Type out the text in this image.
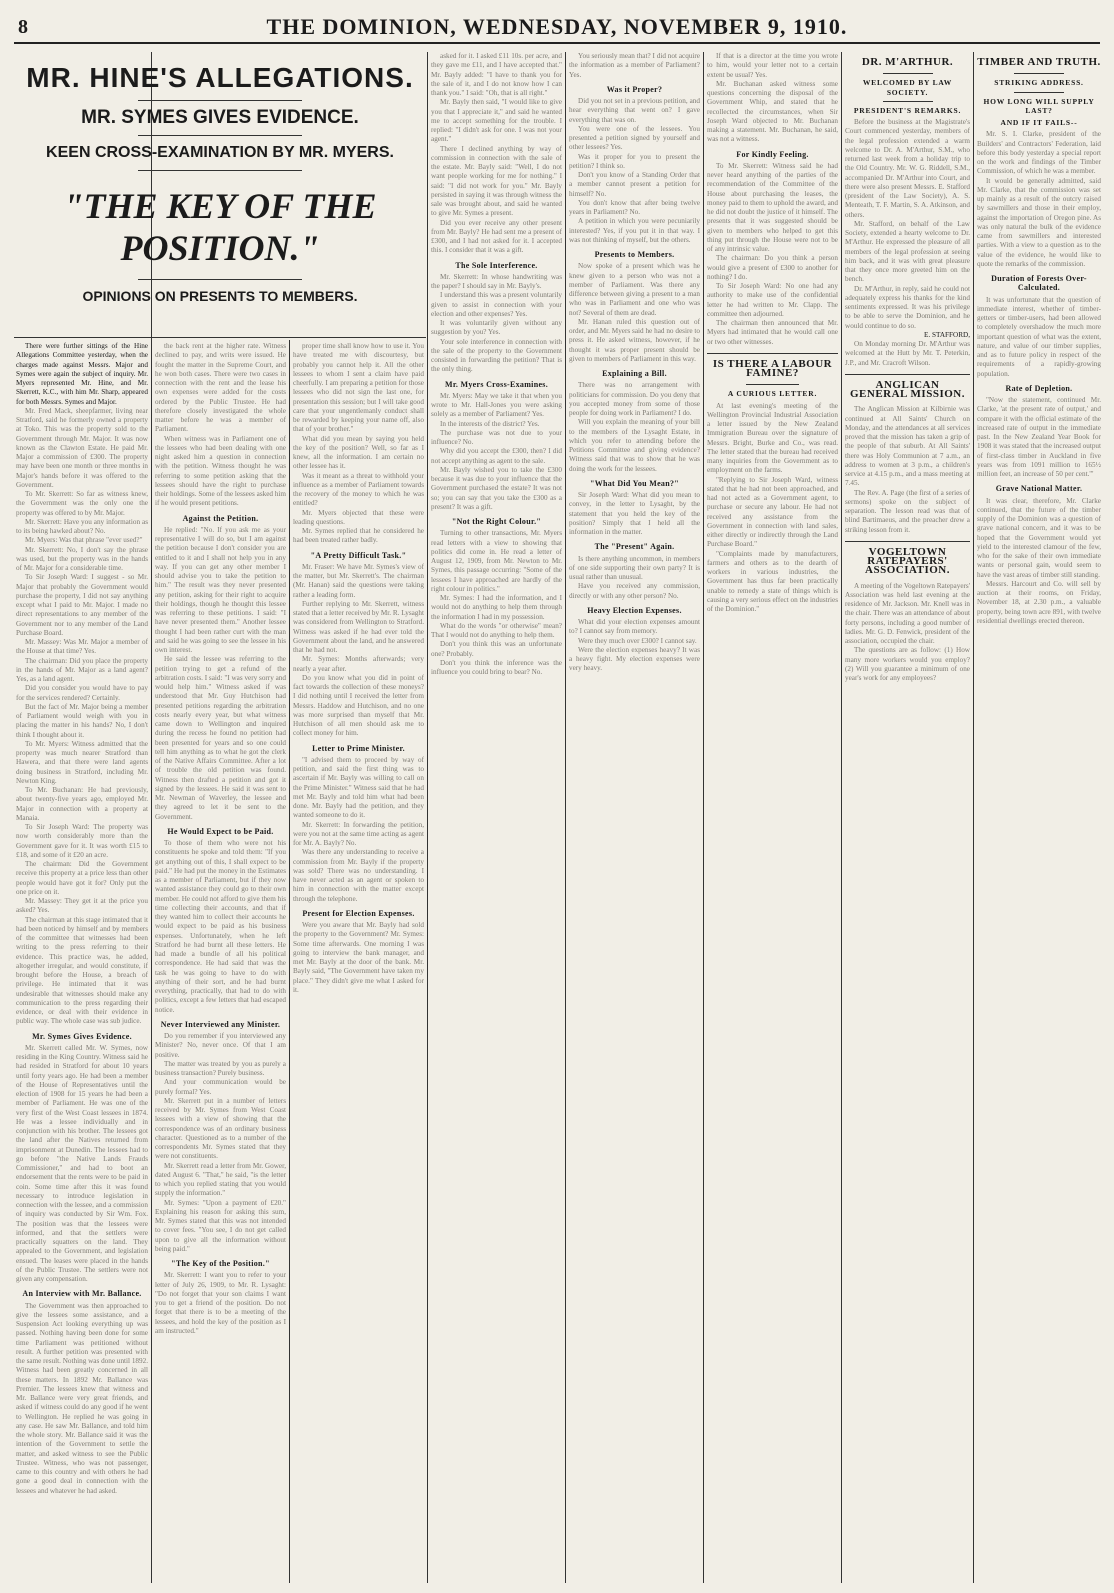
8	THE DOMINION, WEDNESDAY, NOVEMBER 9, 1910.
MR. HINE'S ALLEGATIONS.
MR. SYMES GIVES EVIDENCE.
KEEN CROSS-EXAMINATION BY MR. MYERS.
"THE KEY OF THE POSITION."
OPINIONS ON PRESENTS TO MEMBERS.

There were further sittings of the Hine Allegations Committee yesterday, when the charges made against Messrs. Major and Symes were again the subject of inquiry. Mr. Myers represented Mr. Hine, and Mr. Skerrett, K.C., with him Mr. Sharp, appeared for both Messrs. Symes and Major.

Mr. Fred Mack, sheepfarmer, living near Stratford, said he formerly owned a property at Toko. This was the property sold to the Government through Mr. Major. It was now known as the Clawton Estate. He paid Mr. Major a commission of £300. The property may have been one month or three months in Major's hands before it was offered to the Government.

To Mr. Skerrett: So far as witness knew, the Government was the only one the property was offered to by Mr. Major.

Mr. Skerrett: Have you any information as to its being hawked about? No.

Mr. Myers: Was that phrase "ever used?"

Mr. Skerrett: No, I don't say the phrase was used, but the property was in the hands of Mr. Major for a considerable time.

To Sir Joseph Ward: I suggest - so Mr. Major that probably the Government would purchase the property, I did not say anything except what I paid to Mr. Major. I made no direct representations to any member of the Government nor to any member of the Land Purchase Board.

Mr. Massey: Was Mr. Major a member of the House at that time? Yes.

The chairman: Did you place the property in the hands of Mr. Major as a land agent? Yes, as a land agent.

Did you consider you would have to pay for the services rendered? Certainly.

But the fact of Mr. Major being a member of Parliament would weigh with you in placing the matter in his hands? No, I don't think I thought about it.

To Mr. Myers: Witness admitted that the property was much nearer Stratford than Hawera, and that there were land agents doing business in Stratford, including Mr. Newton King.

To Mr. Buchanan: He had previously, about twenty-five years ago, employed Mr. Major in connection with a property at Manaia.

To Sir Joseph Ward: The property was now worth considerably more than the Government gave for it. It was worth £15 to £18, and some of it £20 an acre.

The chairman: Did the Government receive this property at a price less than other people would have got it for? Only put the one price on it.

Mr. Massey: They get it at the price you asked? Yes.

The chairman at this stage intimated that it had been noticed by himself and by members of the committee that witnesses had been writing to the press referring to their evidence. This practice was, he added, altogether irregular, and would constitute, if brought before the House, a breach of privilege. He intimated that it was undesirable that witnesses should make any communication to the press regarding their evidence, or deal with their evidence in public way. The whole case was sub judice.

Mr. Symes Gives Evidence.

Mr. Skerrett called Mr. W. Symes, now residing in the King Country. Witness said he had resided in Stratford for about 10 years until forty years ago. He had been a member of the House of Representatives until the election of 1908 for 15 years he had been a member of Parliament. He was one of the very first of the West Coast lessees in 1874. He was a lessee individually and in conjunction with his brother. The lessees got the land after the Natives returned from imprisonment at Dunedin. The lessees had to go before "the Native Lands Frauds Commissioner," and had to boot an endorsement that the rents were to be paid in coin. Some time after this it was found necessary to introduce legislation in connection with the lessee, and a commission of inquiry was conducted by Sir Wm. Fox. The position was that the lessees were informed, and that the settlers were practically squatters on the land. They appealed to the Government, and legislation ensued. The leases were placed in the hands of the Public Trustee. The settlers were not given any compensation.

An Interview with Mr. Ballance.

The Government was then approached to give the lessees some assistance, and a Suspension Act looking everything up was passed. Nothing having been done for some time Parliament was petitioned without result. A further petition was presented with the same result. Nothing was done until 1892. Witness had been greatly concerned in all these matters. In 1892 Mr. Ballance was Premier. The lessees knew that witness and Mr. Ballance were very great friends, and asked if witness could do any good if he went to Wellington. He replied he was going in any case. He saw Mr. Ballance, and told him the whole story. Mr. Ballance said it was the intention of the Government to settle the matter, and asked witness to see the Public Trustee. Witness, who was not passenger, came to this country and with others he had gone a good deal in connection with the lessees and whatever he had asked.

the back rent at the higher rate. Witness declined to pay, and writs were issued. He fought the matter in the Supreme Court, and he won both cases. There were two cases in connection with the rent and the lease his own expenses were added for the costs ordered by the Public Trustee. He had therefore closely investigated the whole matter before he was a member of Parliament.

When witness was in Parliament one of the lessees who had been dealing with one night asked him a question in connection with the petition. Witness thought he was referring to some petition asking that the lessees should have the right to purchase their holdings. Some of the lessees asked him if he would present petitions.

Against the Petition.

He replied: "No. If you ask me as your representative I will do so, but I am against the petition because I don't consider you are entitled to it and I shall not help you in any way. If you can get any other member I should advise you to take the petition to him." The result was they never presented any petition, asking for their right to acquire their holdings, though he thought this lessee was referring to these petitions. I said: "I have never presented them." Another lessee thought I had been rather curt with the man and said he was going to see the lessee in his own interest.

He said the lessee was referring to the petition trying to get a refund of the arbitration costs. I said: "I was very sorry and would help him." Witness asked if was understood that Mr. Guy Hutchison had presented petitions regarding the arbitration costs nearly every year, but what witness came down to Wellington and inquired during the recess he found no petition had been presented for years and so one could tell him anything as to what he got the clerk of the Native Affairs Committee. After a lot of trouble the old petition was found. Witness then drafted a petition and got it signed by the lessees. He said it was sent to Mr. Newman of Waverley, the lessee and they agreed to let it be sent to the Government.

He Would Expect to be Paid.

To those of them who were not his constituents he spoke and told them: "If you get anything out of this, I shall expect to be paid." He had put the money in the Estimates as a member of Parliament, but if they now wanted assistance they could go to their own member. He could not afford to give them his time collecting their accounts, and that if they wanted him to collect their accounts he would expect to be paid as his business expenses. Unfortunately, when he left Stratford he had burnt all these letters. He had made a bundle of all his political correspondence. He had said that was the task he was going to have to do with anything of their sort, and he had burnt everything, practically, that had to do with politics, except a few letters that had escaped notice.

Never Interviewed any Minister.

Do you remember if you interviewed any Minister? No, never once. Of that I am positive.

The matter was treated by you as purely a business transaction? Purely business.

And your communication would be purely formal? Yes.

Mr. Skerrett put in a number of letters received by Mr. Symes from West Coast lessees with a view of showing that the correspondence was of an ordinary business character. Questioned as to a number of the correspondents Mr. Symes stated that they were not constituents.

Mr. Skerrett read a letter from Mr. Gower, dated August 6. "That," he said, "is the letter to which you replied stating that you would supply the information."

Mr. Symes: "Upon a payment of £20." Explaining his reason for asking this sum, Mr. Symes stated that this was not intended to cover fees. "You see, I do not get called upon to give all the information without being paid."

"The Key of the Position."

Mr. Skerrett: I want you to refer to your letter of July 26, 1909, to Mr. R. Lysaght: "Do not forget that your son claims I want you to get a friend of the position. Do not forget that there is to be a meeting of the lessees, and hold the key of the position as I am instructed."

proper time shall know how to use it. You have treated me with discourtesy, but probably you cannot help it. All the other lessees to whom I sent a claim have paid cheerfully. I am preparing a petition for those lessees who did not sign the last one, for presentation this session; but I will take good care that your ungentlemanly conduct shall be rewarded by keeping your name off, also that of your brother."

What did you mean by saying you held the key of the position? Well, so far as I knew, all the information. I am certain no other lessee has it.

Was it meant as a threat to withhold your influence as a member of Parliament towards the recovery of the money to which he was entitled?

Mr. Myers objected that these were leading questions.

Mr. Symes replied that he considered he had been treated rather badly.

"A Pretty Difficult Task."

Mr. Fraser: We have Mr. Symes's view of the matter, but Mr. Skerrett's. The chairman (Mr. Hanan) said the questions were taking rather a leading form.

Further replying to Mr. Skerrett, witness stated that a letter received by Mr. R. Lysaght was considered from Wellington to Stratford. Witness was asked if he had ever told the Government about the land, and he answered that he had not.

Mr. Symes: Months afterwards; very nearly a year after.

Do you know what you did in point of fact towards the collection of these moneys? I did nothing until I received the letter from Messrs. Haddow and Hutchison, and no one was more surprised than myself that Mr. Hutchison of all men should ask me to collect money for him.

Letter to Prime Minister.

"I advised them to proceed by way of petition, and said the first thing was to ascertain if Mr. Bayly was willing to call on the Prime Minister." Witness said that he had met Mr. Bayly and told him what had been done. Mr. Bayly had the petition, and they wanted someone to do it.

Mr. Skerrett: In forwarding the petition, were you not at the same time acting as agent for Mr. A. Bayly? No.

Was there any understanding to receive a commission from Mr. Bayly if the property was sold? There was no understanding. I have never acted as an agent or spoken to him in connection with the matter except through the telephone.

Present for Election Expenses.

Were you aware that Mr. Bayly had sold the property to the Government? Mr. Symes: Some time afterwards. One morning I was going to interview the bank manager, and met Mr. Bayly at the door of the bank. Mr. Bayly said, "The Government have taken my place." They didn't give me what I asked for it.

asked for it. I asked £11 10s. per acre, and they gave me £11, and I have accepted that." Mr. Bayly added: "I have to thank you for the sale of it, and I do not know how I can thank you." I said: "Oh, that is all right."

Mr. Bayly then said, "I would like to give you that I appreciate it," and said he wanted me to accept something for the trouble. I replied: "I didn't ask for one. I was not your agent."

There I declined anything by way of commission in connection with the sale of the estate. Mr. Bayly said: "Well, I do not want people working for me for nothing." I said: "I did not work for you." Mr. Bayly persisted in saying it was through witness the sale was brought about, and said he wanted to give Mr. Symes a present.

Did you ever receive any other present from Mr. Bayly? He had sent me a present of £300, and I had not asked for it. I accepted this. I consider that it was a gift.

The Sole Interference.

Mr. Skerrett: In whose handwriting was the paper? I should say in Mr. Bayly's.

I understand this was a present voluntarily given to assist in connection with your election and other expenses? Yes.

It was voluntarily given without any suggestion by you? Yes.

Your sole interference in connection with the sale of the property to the Government consisted in forwarding the petition? That is the only thing.

Mr. Myers Cross-Examines.

Mr. Myers: May we take it that when you wrote to Mr. Hall-Jones you were asking solely as a member of Parliament? Yes.

In the interests of the district? Yes.

The purchase was not due to your influence? No.

Why did you accept the £300, then? I did not accept anything as agent to the sale.

Mr. Bayly wished you to take the £300 because it was due to your influence that the Government purchased the estate? It was not so; you can say that you take the £300 as a present? It was a gift.

"Not the Right Colour."

Turning to other transactions, Mr. Myers read letters with a view to showing that politics did come in. He read a letter of August 12, 1909, from Mr. Newton to Mr. Symes, this passage occurring: "Some of the lessees I have approached are hardly of the right colour in politics."

Mr. Symes: I had the information, and I would not do anything to help them through the information I had in my possession.

What do the words "or otherwise" mean? That I would not do anything to help them.

Don't you think this was an unfortunate one? Probably.

Don't you think the inference was the influence you could bring to bear? No.

You seriously mean that? I did not acquire the information as a member of Parliament? Yes.

Was it Proper?

Did you not set in a previous petition, and hear everything that went on? I gave everything that was on.

You were one of the lessees. You presented a petition signed by yourself and other lessees? Yes.

Was it proper for you to present the petition? I think so.

Don't you know of a Standing Order that a member cannot present a petition for himself? No.

You don't know that after being twelve years in Parliament? No.

A petition in which you were pecuniarily interested? Yes, if you put it in that way. I was not thinking of myself, but the others.

Presents to Members.

Now spoke of a present which was he knew given to a person who was not a member of Parliament. Was there any difference between giving a present to a man who was in Parliament and one who was not? Several of them are dead.

Mr. Hanan ruled this question out of order, and Mr. Myers said he had no desire to press it. He asked witness, however, if he thought it was proper present should be given to members of Parliament in this way.

Explaining a Bill.

There was no arrangement with politicians for commission. Do you deny that you accepted money from some of those people for doing work in Parliament? I do.

Will you explain the meaning of your bill to the members of the Lysaght Estate, in which you refer to attending before the Petitions Committee and giving evidence? Witness said that was to show that he was doing the work for the lessees.

"What Did You Mean?"

Sir Joseph Ward: What did you mean to convey, in the letter to Lysaght, by the statement that you held the key of the position? Simply that I held all the information in the matter.

The "Present" Again.

Is there anything uncommon, in members of one side supporting their own party? It is usual rather than unusual.

Have you received any commission, directly or with any other person? No.

Heavy Election Expenses.

What did your election expenses amount to? I cannot say from memory.

Were they much over £300? I cannot say.

Were the election expenses heavy? It was a heavy fight. My election expenses were very heavy.

If that is a director at the time you wrote to him, would your letter not to a certain extent be usual? Yes.

Mr. Buchanan asked witness some questions concerning the disposal of the Government Whip, and stated that he recollected the circumstances, when Sir Joseph Ward objected to Mr. Buchanan making a statement. Mr. Buchanan, he said, was not a witness.

For Kindly Feeling.

To Mr. Skerrett: Witness said he had never heard anything of the parties of the recommendation of the Committee of the House about purchasing the leases, the money paid to them to uphold the award, and he did not doubt the justice of it himself. The presents that it was suggested should be given to members who helped to get this thing put through the House were not to be of any intrinsic value.

The chairman: Do you think a person would give a present of £300 to another for nothing? I do.

To Sir Joseph Ward: No one had any authority to make use of the confidential letter he had written to Mr. Clapp. The committee then adjourned.

The chairman then announced that Mr. Myers had intimated that he would call one or two other witnesses.

IS THERE A LABOUR FAMINE?
A CURIOUS LETTER.

At last evening's meeting of the Wellington Provincial Industrial Association a letter issued by the New Zealand Immigration Bureau over the signature of Messrs. Bright, Burke and Co., was read. The letter stated that the bureau had received many inquiries from the Government as to employment on the farms.

"Replying to Sir Joseph Ward, witness stated that he had not been approached, and had not acted as a Government agent, to purchase or secure any labour. He had not received any assistance from the Government in connection with land sales, either directly or indirectly through the Land Purchase Board."

"Complaints made by manufacturers, farmers and others as to the dearth of workers in various industries, the Government has thus far been practically unable to remedy a state of things which is causing a very serious effect on the industries of the Dominion."

DR. M'ARTHUR.
WELCOMED BY LAW SOCIETY.
PRESIDENT'S REMARKS.

Before the business at the Magistrate's Court commenced yesterday, members of the legal profession extended a warm welcome to Dr. A. M'Arthur, S.M., who returned last week from a holiday trip to the Old Country. Mr. W. G. Riddell, S.M., accompanied Dr. M'Arthur into Court, and there were also present Messrs. E. Stafford (president of the Law Society), A. S. Menteath, T. F. Martin, S. A. Atkinson, and others.

Mr. Stafford, on behalf of the Law Society, extended a hearty welcome to Dr. M'Arthur. He expressed the pleasure of all members of the legal profession at seeing him back, and it was with great pleasure that they once more greeted him on the bench.

Dr. M'Arthur, in reply, said he could not adequately express his thanks for the kind sentiments expressed. It was his privilege to be able to serve the Dominion, and he would continue to do so.

E. STAFFORD,

On Monday morning Dr. M'Arthur was welcomed at the Hutt by Mr. T. Peterkin, J.P., and Mr. Cracroft Wilson.

ANGLICAN GENERAL MISSION.

The Anglican Mission at Kilbirnie was continued at All Saints' Church on Monday, and the attendances at all services proved that the mission has taken a grip of the people of that suburb. At All Saints' there was Holy Communion at 7 a.m., an address to women at 3 p.m., a children's service at 4.15 p.m., and a mass meeting at 7.45.

The Rev. A. Page (the first of a series of sermons) spoke on the subject of separation. The lesson read was that of blind Bartimaeus, and the preacher drew a striking lesson from it.

VOGELTOWN RATEPAYERS' ASSOCIATION.

A meeting of the Vogeltown Ratepayers' Association was held last evening at the residence of Mr. Jackson. Mr. Knell was in the chair. There was an attendance of about forty persons, including a good number of ladies. Mr. G. D. Fenwick, president of the association, occupied the chair.

The questions are as follow: (1) How many more workers would you employ? (2) Will you guarantee a minimum of one year's work for any employees?

TIMBER AND TRUTH.
STRIKING ADDRESS.
HOW LONG WILL SUPPLY LAST?
AND IF IT FAILS--

Mr. S. I. Clarke, president of the Builders' and Contractors' Federation, laid before this body yesterday a special report on the work and findings of the Timber Commission, of which he was a member.

It would be generally admitted, said Mr. Clarke, that the commission was set up mainly as a result of the outcry raised by sawmillers and those in their employ, against the importation of Oregon pine. As was only natural the bulk of the evidence came from sawmillers and interested parties. With a view to a question as to the value of the evidence, he would like to quote the remarks of the commission.

Duration of Forests Over-Calculated.

It was unfortunate that the question of immediate interest, whether of timber-getters or timber-users, had been allowed to completely overshadow the much more important question of what was the extent, nature, and value of our timber supplies, and as to future policy in respect of the requirements of a rapidly-growing population.

Rate of Depletion.

"Now the statement, continued Mr. Clarke, 'at the present rate of output,' and compare it with the official estimate of the increased rate of output in the immediate past. In the New Zealand Year Book for 1908 it was stated that the increased output of first-class timber in Auckland in five years was from 1091 million to 165½ million feet, an increase of 50 per cent.'"

Grave National Matter.

It was clear, therefore, Mr. Clarke continued, that the future of the timber supply of the Dominion was a question of grave national concern, and it was to be hoped that the Government would yet yield to the interested clamour of the few, who for the sake of their own immediate wants or personal gain, would seem to have the vast areas of timber still standing.

Messrs. Harcourt and Co. will sell by auction at their rooms, on Friday, November 18, at 2.30 p.m., a valuable property, being town acre 891, with twelve residential dwellings erected thereon.
